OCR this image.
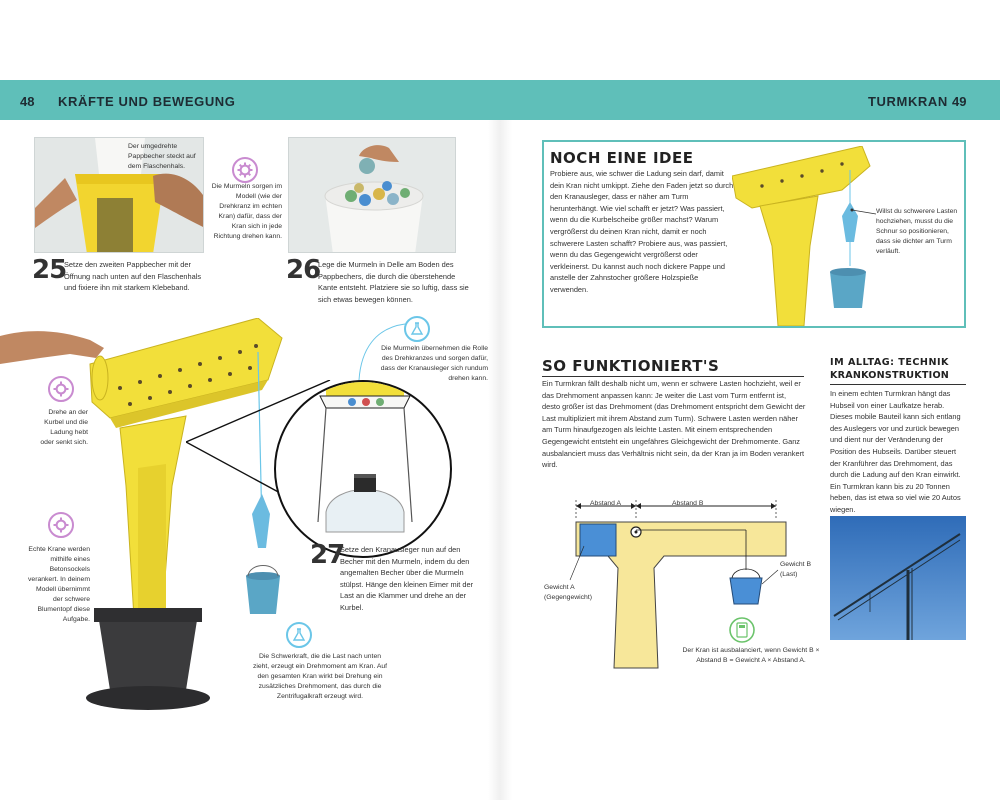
48 KRÄFTE UND BEWEGUNG	TURMKRAN 49
Der umgedrehte Pappbecher steckt auf dem Flaschenhals.
Die Murmeln sorgen im Modell (wie der Drehkranz im echten Kran) dafür, dass der Kran sich in jede Richtung drehen kann.
25
Setze den zweiten Pappbecher mit der Öffnung nach unten auf den Flaschenhals und fixiere ihn mit starkem Klebeband.
26
Lege die Murmeln in Delle am Boden des Pappbechers, die durch die überstehende Kante entsteht. Platziere sie so luftig, dass sie sich etwas bewegen können.
Die Murmeln übernehmen die Rolle des Drehkranzes und sorgen dafür, dass der Kranausleger sich rundum drehen kann.
Drehe an der Kurbel und die Ladung hebt oder senkt sich.
Echte Krane werden mithilfe eines Betonsockels verankert. In deinem Modell übernimmt der schwere Blumentopf diese Aufgabe.
27
Setze den Kranausleger nun auf den Becher mit den Murmeln, indem du den angemalten Becher über die Murmeln stülpst. Hänge den kleinen Eimer mit der Last an die Klammer und drehe an der Kurbel.
Die Schwerkraft, die die Last nach unten zieht, erzeugt ein Drehmoment am Kran. Auf den gesamten Kran wirkt bei Drehung ein zusätzliches Drehmoment, das durch die Zentrifugalkraft erzeugt wird.
NOCH EINE IDEE
Probiere aus, wie schwer die Ladung sein darf, damit dein Kran nicht umkippt. Ziehe den Faden jetzt so durch den Kranausleger, dass er näher am Turm herunterhängt. Wie viel schafft er jetzt? Was passiert, wenn du die Kurbelscheibe größer machst? Warum vergrößerst du deinen Kran nicht, damit er noch schwerere Lasten schafft? Probiere aus, was passiert, wenn du das Gegengewicht vergrößerst oder verkleinerst. Du kannst auch noch dickere Pappe und anstelle der Zahnstocher größere Holzspieße verwenden.
Willst du schwerere Lasten hochziehen, musst du die Schnur so positionieren, dass sie dichter am Turm verläuft.
SO FUNKTIONIERT'S
Ein Turmkran fällt deshalb nicht um, wenn er schwere Lasten hochzieht, weil er das Drehmoment anpassen kann: Je weiter die Last vom Turm entfernt ist, desto größer ist das Drehmoment (das Drehmoment entspricht dem Gewicht der Last multipliziert mit ihrem Abstand zum Turm). Schwere Lasten werden näher am Turm hinaufgezogen als leichte Lasten. Mit einem entsprechenden Gegengewicht entsteht ein ungefähres Gleichgewicht der Drehmomente. Ganz ausbalanciert muss das Verhältnis nicht sein, da der Kran ja im Boden verankert wird.
IM ALLTAG: TECHNIK
KRANKONSTRUKTION
In einem echten Turmkran hängt das Hubseil von einer Laufkatze herab. Dieses mobile Bauteil kann sich entlang des Auslegers vor und zurück bewegen und dient nur der Veränderung der Position des Hubseils. Darüber steuert der Kranführer das Drehmoment, das durch die Ladung auf den Kran einwirkt. Ein Turmkran kann bis zu 20 Tonnen heben, das ist etwa so viel wie 20 Autos wiegen.
Abstand A	Abstand B
Gewicht A (Gegengewicht)
Gewicht B (Last)
Der Kran ist ausbalanciert, wenn Gewicht B × Abstand B = Gewicht A × Abstand A.
